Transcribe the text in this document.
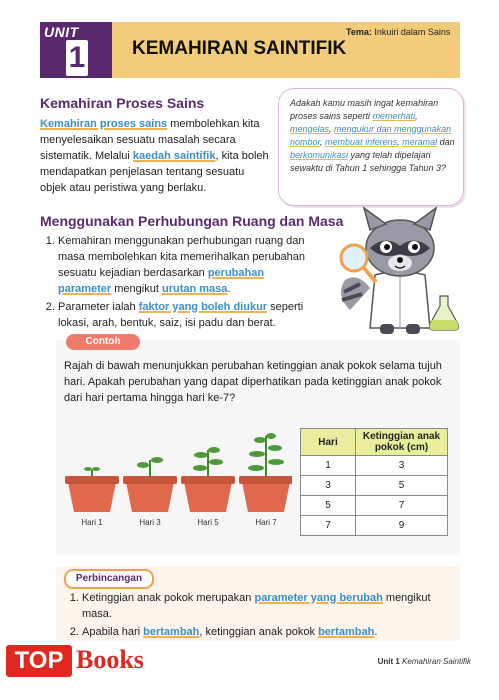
UNIT
1 KEMAHIRAN SAINTIFIK
Tema: Inkuiri dalam Sains
Kemahiran Proses Sains
Kemahiran proses sains membolehkan kita menyelesaikan sesuatu masalah secara sistematik. Melalui kaedah saintifik, kita boleh mendapatkan penjelasan tentang sesuatu objek atau peristiwa yang berlaku.
Adakah kamu masih ingat kemahiran proses sains seperti memerhati, mengelas, mengukur dan menggunakan nombor, membuat inferens, meramal dan berkomunikasi yang telah dipelajari sewaktu di Tahun 1 sehingga Tahun 3?
Menggunakan Perhubungan Ruang dan Masa
1. Kemahiran menggunakan perhubungan ruang dan masa membolehkan kita memerihalkan perubahan sesuatu kejadian berdasarkan perubahan parameter mengikut urutan masa.
2. Parameter ialah faktor yang boleh diukur seperti lokasi, arah, bentuk, saiz, isi padu dan berat.
Contoh
Rajah di bawah menunjukkan perubahan ketinggian anak pokok selama tujuh hari. Apakah perubahan yang dapat diperhatikan pada ketinggian anak pokok dari hari pertama hingga hari ke-7?
Hari 1	Hari 3	Hari 5	Hari 7
Hari	Ketinggian anak pokok (cm)
1	3
3	5
5	7
7	9
Perbincangan
1. Ketinggian anak pokok merupakan parameter yang berubah mengikut masa.
2. Apabila hari bertambah, ketinggian anak pokok bertambah.
TOP Books	Unit 1 Kemahiran Saintifik
